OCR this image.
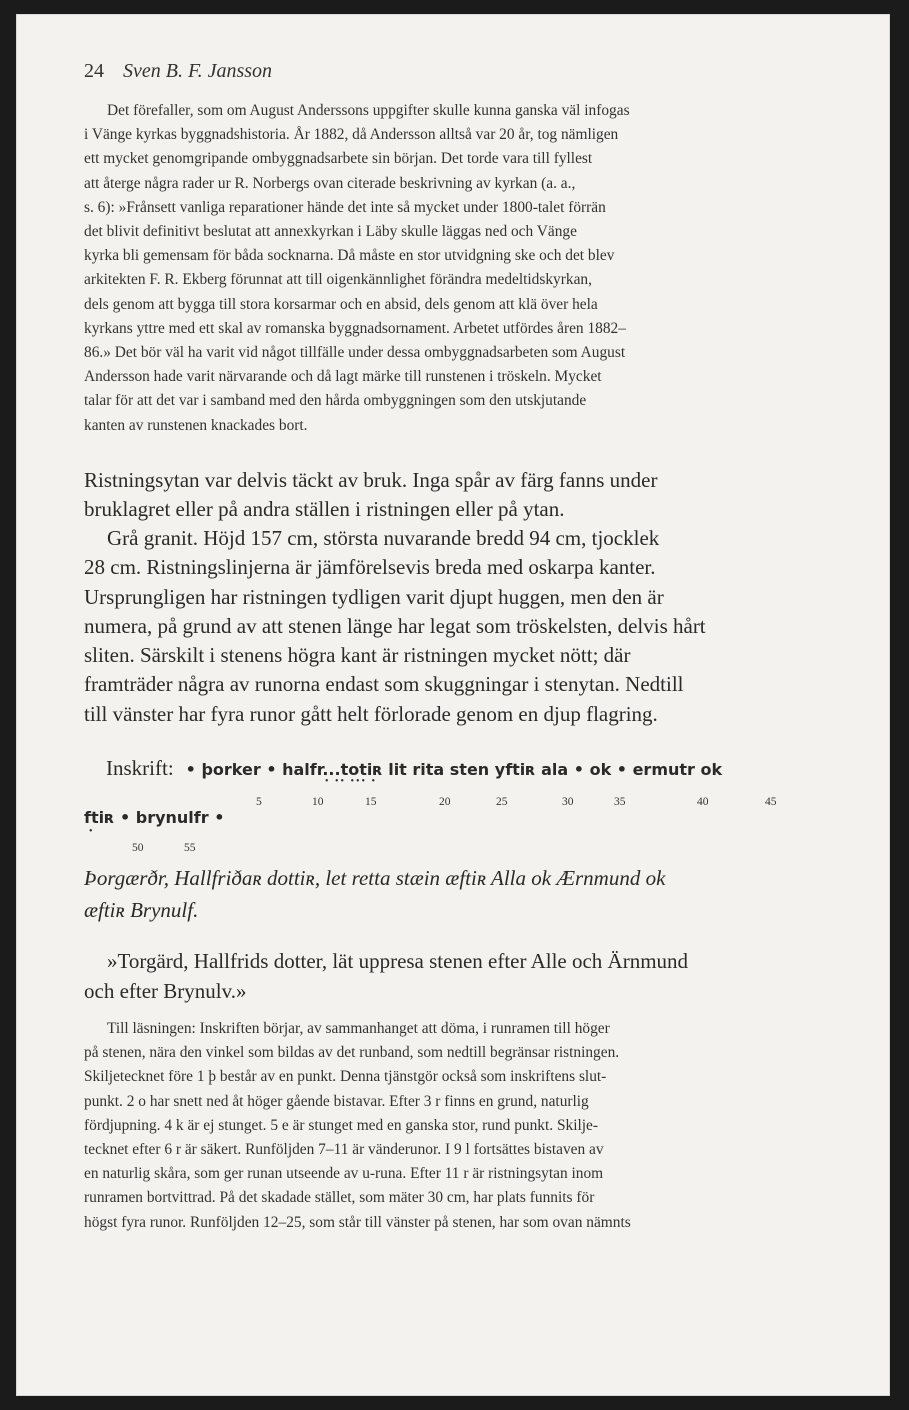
24 Sven B. F. Jansson

Det förefaller, som om August Anderssons uppgifter skulle kunna ganska väl infogas

i Vänge kyrkas byggnadshistoria. År 1882, då Andersson alltså var 20 år, tog nämligen

ett mycket genomgripande ombyggnadsarbete sin början. Det torde vara till fyllest

att återge några rader ur R. Norbergs ovan citerade beskrivning av kyrkan (a. a.,

s. 6): »Frånsett vanliga reparationer hände det inte så mycket under 1800-talet förrän

det blivit definitivt beslutat att annexkyrkan i Läby skulle läggas ned och Vänge

kyrka bli gemensam för båda socknarna. Då måste en stor utvidgning ske och det blev

arkitekten F. R. Ekberg förunnat att till oigenkännlighet förändra medeltidskyrkan,

dels genom att bygga till stora korsarmar och en absid, dels genom att klä över hela

kyrkans yttre med ett skal av romanska byggnadsornament. Arbetet utfördes åren 1882–

86.» Det bör väl ha varit vid något tillfälle under dessa ombyggnadsarbeten som August

Andersson hade varit närvarande och då lagt märke till runstenen i tröskeln. Mycket

talar för att det var i samband med den hårda ombyggningen som den utskjutande

kanten av runstenen knackades bort.

Ristningsytan var delvis täckt av bruk. Inga spår av färg fanns under

bruklagret eller på andra ställen i ristningen eller på ytan.

Grå granit. Höjd 157 cm, största nuvarande bredd 94 cm, tjocklek

28 cm. Ristningslinjerna är jämförelsevis breda med oskarpa kanter.

Ursprungligen har ristningen tydligen varit djupt huggen, men den är

numera, på grund av att stenen länge har legat som tröskelsten, delvis hårt

sliten. Särskilt i stenens högra kant är ristningen mycket nött; där

framträder några av runorna endast som skuggningar i stenytan. Nedtill

till vänster har fyra runor gått helt förlorade genom en djup flagring.

Inskrift: • þorker • halfr...totiʀ lit rita sten yftiʀ ala • ok • ermutr ok
• •• ••• •
5	10	15	20	25	30	35	40	45
ftiʀ • brynulfr •
•
50	55

Þorgærðr, Hallfriðaʀ dottiʀ, let retta stæin æftiʀ Alla ok Ærnmund ok

æftiʀ Brynulf.

»Torgärd, Hallfrids dotter, lät uppresa stenen efter Alle och Ärnmund

och efter Brynulv.»

Till läsningen: Inskriften börjar, av sammanhanget att döma, i runramen till höger

på stenen, nära den vinkel som bildas av det runband, som nedtill begränsar ristningen.

Skiljetecknet före 1 þ består av en punkt. Denna tjänstgör också som inskriftens slut-

punkt. 2 o har snett ned åt höger gående bistavar. Efter 3 r finns en grund, naturlig

fördjupning. 4 k är ej stunget. 5 e är stunget med en ganska stor, rund punkt. Skilje-

tecknet efter 6 r är säkert. Runföljden 7–11 är vänderunor. I 9 l fortsättes bistaven av

en naturlig skåra, som ger runan utseende av u-runa. Efter 11 r är ristningsytan inom

runramen bortvittrad. På det skadade stället, som mäter 30 cm, har plats funnits för

högst fyra runor. Runföljden 12–25, som står till vänster på stenen, har som ovan nämnts
